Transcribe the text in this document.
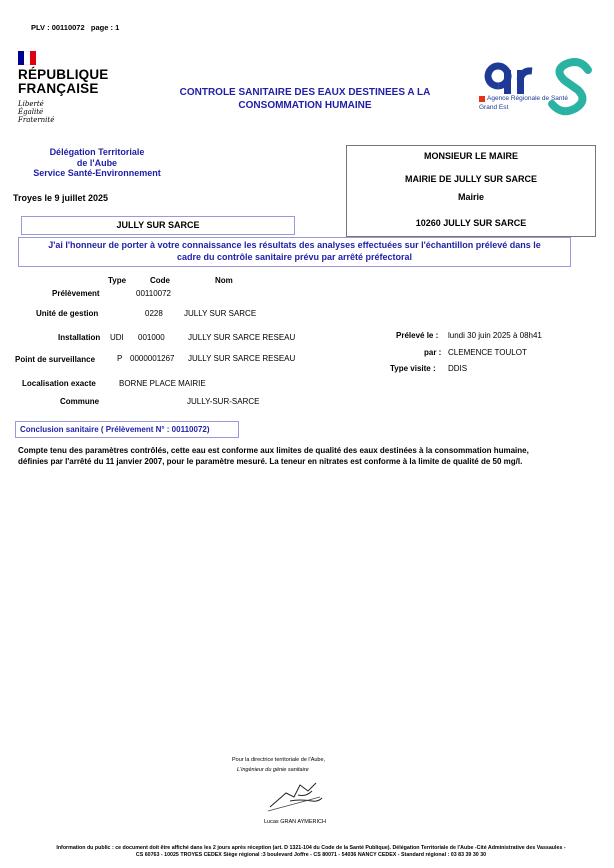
PLV : 00110072 page : 1
RÉPUBLIQUE
FRANÇAISE
Liberté
Égalité
Fraternité
CONTROLE SANITAIRE DES EAUX DESTINEES A LA
CONSOMMATION HUMAINE
Agence Régionale de Santé
Grand Est
Délégation Territoriale
de l'Aube
Service Santé-Environnement
Troyes le 9 juillet 2025
MONSIEUR LE MAIRE
MAIRIE DE JULLY SUR SARCE
Mairie
10260 JULLY SUR SARCE
JULLY SUR SARCE
J'ai l'honneur de porter à votre connaissance les résultats des analyses effectuées sur l'échantillon prélevé dans le
cadre du contrôle sanitaire prévu par arrêté préfectoral
Type	Code	Nom
Prélèvement	00110072
Unité de gestion	0228	JULLY SUR SARCE
Installation UDI 001000	JULLY SUR SARCE RESEAU
Point de surveillance	P 0000001267 JULLY SUR SARCE RESEAU
Localisation exacte	BORNE PLACE MAIRIE
Commune	JULLY-SUR-SARCE
Prélevé le : lundi 30 juin 2025 à 08h41
par : CLEMENCE TOULOT
Type visite : DDIS
Conclusion sanitaire ( Prélèvement N° : 00110072)
Compte tenu des paramètres contrôlés, cette eau est conforme aux limites de qualité des eaux destinées à la consommation humaine,
définies par l'arrêté du 11 janvier 2007, pour le paramètre mesuré. La teneur en nitrates est conforme à la limite de qualité de 50 mg/l.
Pour la directrice territoriale de l'Aube,
L'ingénieur du génie sanitaire
Lucas GRAN AYMERICH
Information du public : ce document doit être affiché dans les 2 jours après réception (art. D 1321-104 du Code de la Santé Publique). Délégation Territoriale de l'Aube -Cité Administrative des Vassaules -
CS 60763 - 10025 TROYES CEDEX Siège régional :3 boulevard Joffre - CS 80071 - 54036 NANCY CEDEX - Standard régional : 03 83 39 30 30
